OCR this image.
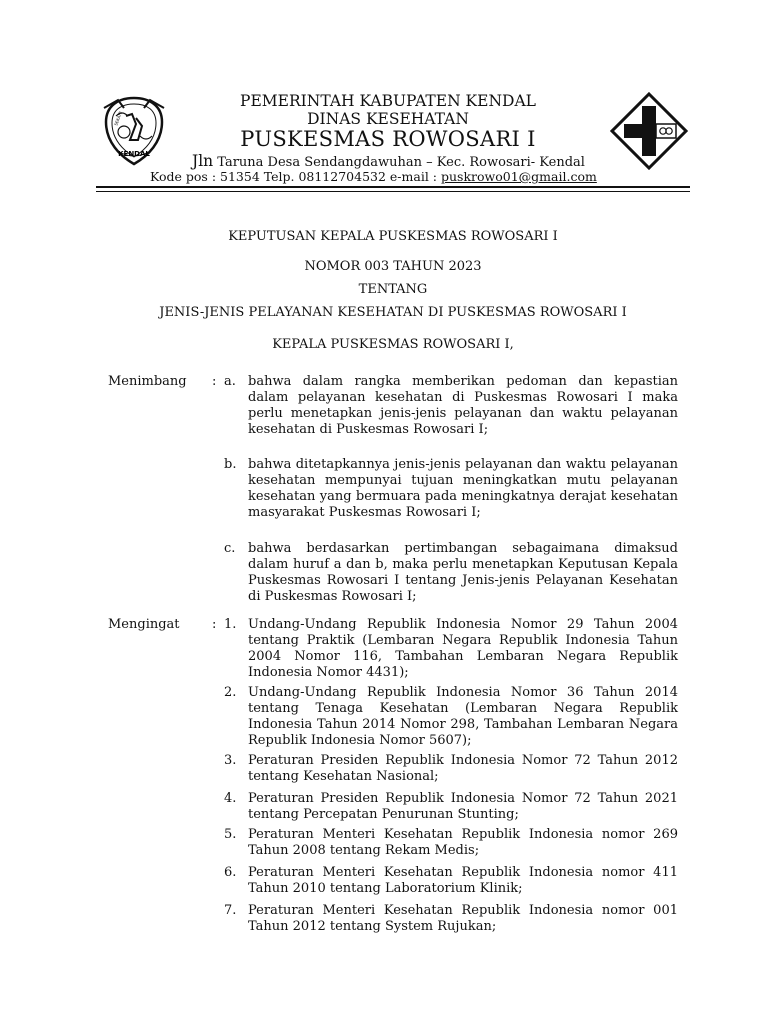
SEKATE
KENDAL
PEMERINTAH KABUPATEN KENDAL
DINAS KESEHATAN
PUSKESMAS ROWOSARI I
Jln Taruna Desa Sendangdawuhan – Kec. Rowosari- Kendal
Kode pos : 51354 Telp. 08112704532 e-mail : puskrowo01@gmail.com
KEPUTUSAN KEPALA PUSKESMAS ROWOSARI I
NOMOR 003 TAHUN 2023
TENTANG
JENIS-JENIS PELAYANAN KESEHATAN DI PUSKESMAS ROWOSARI I
KEPALA PUSKESMAS ROWOSARI I,
Menimbang : a. bahwa dalam rangka memberikan pedoman dan kepastian dalam pelayanan kesehatan di Puskesmas Rowosari I maka perlu menetapkan jenis-jenis pelayanan dan waktu pelayanan kesehatan di Puskesmas Rowosari I;
b. bahwa ditetapkannya jenis-jenis pelayanan dan waktu pelayanan kesehatan mempunyai tujuan meningkatkan mutu pelayanan kesehatan yang bermuara pada meningkatnya derajat kesehatan masyarakat Puskesmas Rowosari I;
c. bahwa berdasarkan pertimbangan sebagaimana dimaksud dalam huruf a dan b, maka perlu menetapkan Keputusan Kepala Puskesmas Rowosari I tentang Jenis-jenis Pelayanan Kesehatan di Puskesmas Rowosari I;
Mengingat : 1. Undang-Undang Republik Indonesia Nomor 29 Tahun 2004 tentang Praktik (Lembaran Negara Republik Indonesia Tahun 2004 Nomor 116, Tambahan Lembaran Negara Republik Indonesia Nomor 4431);
2. Undang-Undang Republik Indonesia Nomor 36 Tahun 2014 tentang Tenaga Kesehatan (Lembaran Negara Republik Indonesia Tahun 2014 Nomor 298, Tambahan Lembaran Negara Republik Indonesia Nomor 5607);
3. Peraturan Presiden Republik Indonesia Nomor 72 Tahun 2012 tentang Kesehatan Nasional;
4. Peraturan Presiden Republik Indonesia Nomor 72 Tahun 2021 tentang Percepatan Penurunan Stunting;
5. Peraturan Menteri Kesehatan Republik Indonesia nomor 269 Tahun 2008 tentang Rekam Medis;
6. Peraturan Menteri Kesehatan Republik Indonesia nomor 411 Tahun 2010 tentang Laboratorium Klinik;
7. Peraturan Menteri Kesehatan Republik Indonesia nomor 001 Tahun 2012 tentang System Rujukan;
